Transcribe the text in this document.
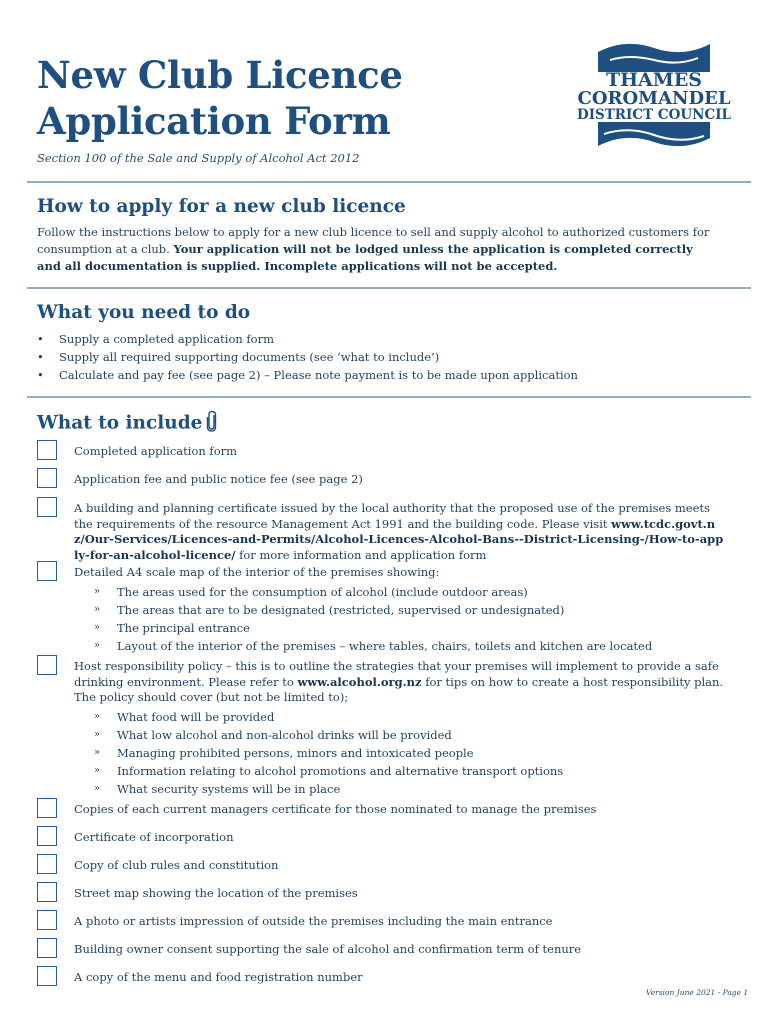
New Club Licence
Application Form

Section 100 of the Sale and Supply of Alcohol Act 2012

THAMES
COROMANDEL
DISTRICT COUNCIL
How to apply for a new club licence

Follow the instructions below to apply for a new club licence to sell and supply alcohol to authorized customers for consumption at a club. Your application will not be lodged unless the application is completed correctly and all documentation is supplied. Incomplete applications will not be accepted.

What you need to do
• Supply a completed application form
• Supply all required supporting documents (see ‘what to include’)
• Calculate and pay fee (see page 2) – Please note payment is to be made upon application
What to include
Completed application form
Application fee and public notice fee (see page 2)
A building and planning certificate issued by the local authority that the proposed use of the premises meets the requirements of the resource Management Act 1991 and the building code. Please visit www.tcdc.govt.nz/Our-Services/Licences-and-Permits/Alcohol-Licences-Alcohol-Bans--District-Licensing-/How-to-apply-for-an-alcohol-licence/ for more information and application form
Detailed A4 scale map of the interior of the premises showing:
» The areas used for the consumption of alcohol (include outdoor areas)
» The areas that are to be designated (restricted, supervised or undesignated)
» The principal entrance
» Layout of the interior of the premises – where tables, chairs, toilets and kitchen are located
Host responsibility policy – this is to outline the strategies that your premises will implement to provide a safe drinking environment. Please refer to www.alcohol.org.nz for tips on how to create a host responsibility plan. The policy should cover (but not be limited to);
» What food will be provided
» What low alcohol and non-alcohol drinks will be provided
» Managing prohibited persons, minors and intoxicated people
» Information relating to alcohol promotions and alternative transport options
» What security systems will be in place
Copies of each current managers certificate for those nominated to manage the premises
Certificate of incorporation
Copy of club rules and constitution
Street map showing the location of the premises
A photo or artists impression of outside the premises including the main entrance
Building owner consent supporting the sale of alcohol and confirmation term of tenure
A copy of the menu and food registration number
Version June 2021 - Page 1
